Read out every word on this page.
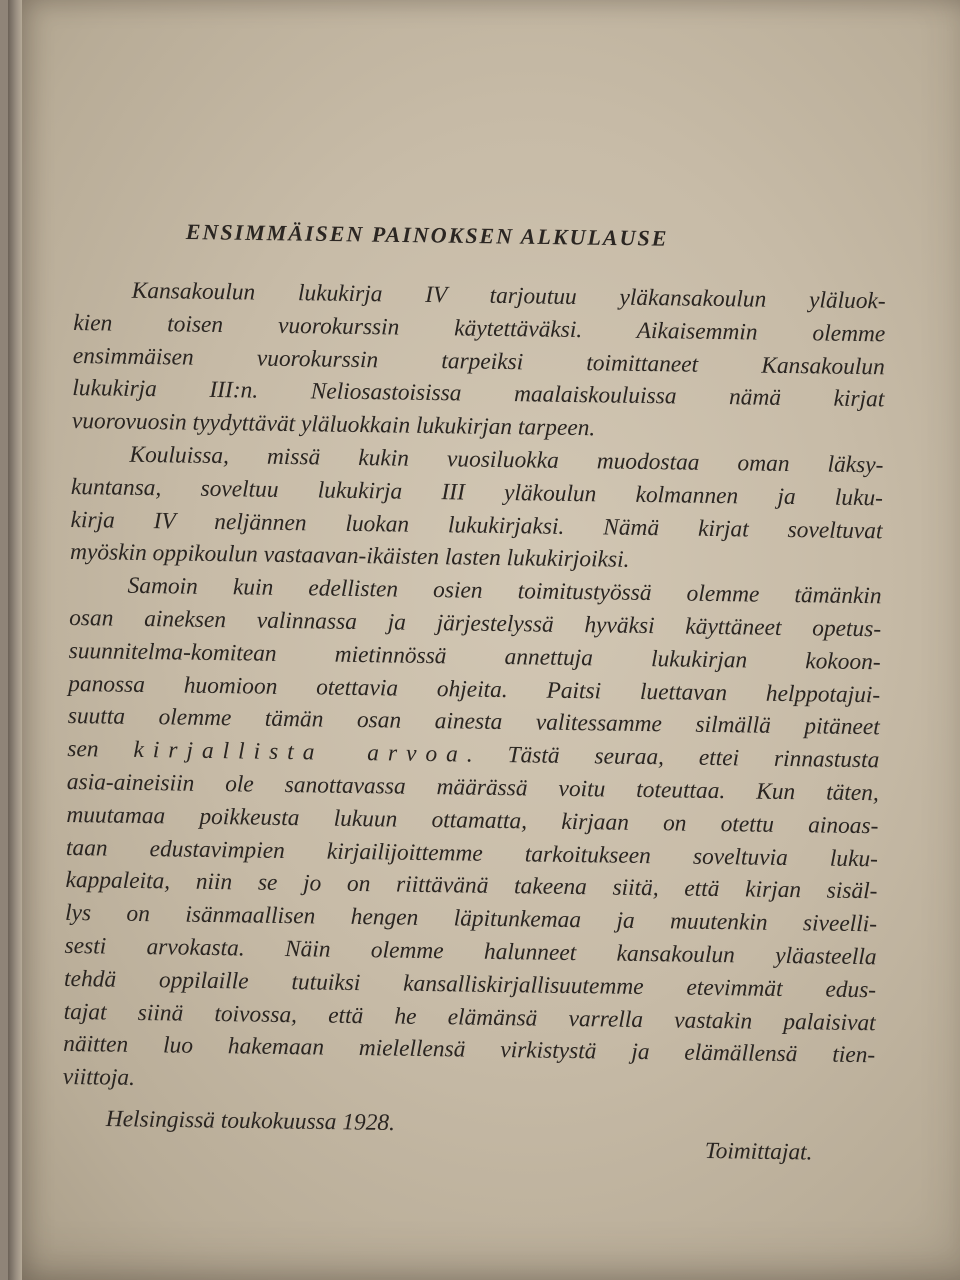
ENSIMMÄISEN PAINOKSEN ALKULAUSE
Kansakoulun lukukirja IV tarjoutuu yläkansakoulun yläluok-
kien toisen vuorokurssin käytettäväksi. Aikaisemmin olemme
ensimmäisen vuorokurssin tarpeiksi toimittaneet Kansakoulun
lukukirja III:n. Neliosastoisissa maalaiskouluissa nämä kirjat
vuorovuosin tyydyttävät yläluokkain lukukirjan tarpeen.
Kouluissa, missä kukin vuosiluokka muodostaa oman läksy-
kuntansa, soveltuu lukukirja III yläkoulun kolmannen ja luku-
kirja IV neljännen luokan lukukirjaksi. Nämä kirjat soveltuvat
myöskin oppikoulun vastaavan-ikäisten lasten lukukirjoiksi.
Samoin kuin edellisten osien toimitustyössä olemme tämänkin
osan aineksen valinnassa ja järjestelyssä hyväksi käyttäneet opetus-
suunnitelma-komitean mietinnössä annettuja lukukirjan kokoon-
panossa huomioon otettavia ohjeita. Paitsi luettavan helppotajui-
suutta olemme tämän osan ainesta valitessamme silmällä pitäneet
sen kirjallista arvoa. Tästä seuraa, ettei rinnastusta
asia-aineisiin ole sanottavassa määrässä voitu toteuttaa. Kun täten,
muutamaa poikkeusta lukuun ottamatta, kirjaan on otettu ainoas-
taan edustavimpien kirjailijoittemme tarkoitukseen soveltuvia luku-
kappaleita, niin se jo on riittävänä takeena siitä, että kirjan sisäl-
lys on isänmaallisen hengen läpitunkemaa ja muutenkin siveelli-
sesti arvokasta. Näin olemme halunneet kansakoulun yläasteella
tehdä oppilaille tutuiksi kansalliskirjallisuutemme etevimmät edus-
tajat siinä toivossa, että he elämänsä varrella vastakin palaisivat
näitten luo hakemaan mielellensä virkistystä ja elämällensä tien-
viittoja.

Helsingissä toukokuussa 1928.

Toimittajat.
